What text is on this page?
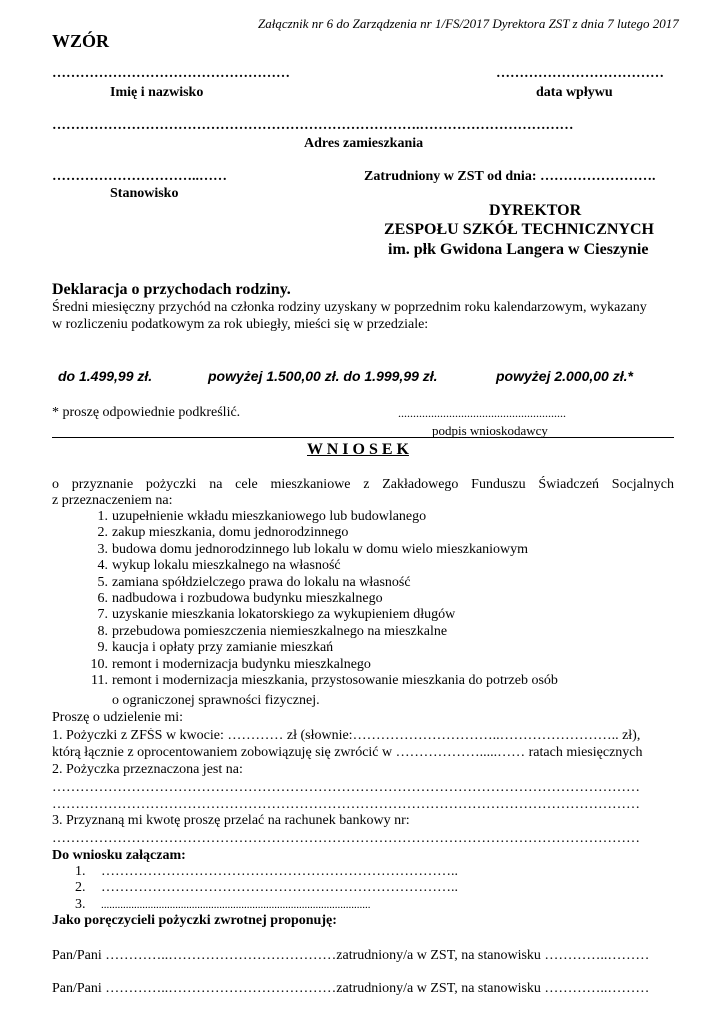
Załącznik nr 6 do Zarządzenia nr 1/FS/2017 Dyrektora ZST z dnia 7 lutego 2017
WZÓR
……………………………………………
Imię i nazwisko
………………………………
data wpływu
…………………………………………………………………….……………………………
Adres zamieszkania
…………………………..……
Stanowisko
Zatrudniony w ZST od dnia: …………………….
DYREKTOR
ZESPOŁU SZKÓŁ TECHNICZNYCH
im. płk Gwidona Langera w Cieszynie
Deklaracja o przychodach rodziny.
Średni miesięczny przychód na członka rodziny uzyskany w poprzednim roku kalendarzowym, wykazany
w rozliczeniu podatkowym za rok ubiegły, mieści się w przedziale:
do 1.499,99 zł.	powyżej 1.500,00 zł. do 1.999,99 zł.	powyżej 2.000,00 zł.*
* proszę odpowiednie podkreślić.	........................................................
podpis wnioskodawcy
W N I O S E K
o przyznanie pożyczki na cele mieszkaniowe z Zakładowego Funduszu Świadczeń Socjalnych
z przeznaczeniem na:
1. uzupełnienie wkładu mieszkaniowego lub budowlanego
2. zakup mieszkania, domu jednorodzinnego
3. budowa domu jednorodzinnego lub lokalu w domu wielo mieszkaniowym
4. wykup lokalu mieszkalnego na własność
5. zamiana spółdzielczego prawa do lokalu na własność
6. nadbudowa i rozbudowa budynku mieszkalnego
7. uzyskanie mieszkania lokatorskiego za wykupieniem długów
8. przebudowa pomieszczenia niemieszkalnego na mieszkalne
9. kaucja i opłaty przy zamianie mieszkań
10. remont i modernizacja budynku mieszkalnego
11. remont i modernizacja mieszkania, przystosowanie mieszkania do potrzeb osób
o ograniczonej sprawności fizycznej.
Proszę o udzielenie mi:
1. Pożyczki z ZFŚS w kwocie: ………… zł (słownie:…………………………..…………………….. zł),
którą łącznie z oprocentowaniem zobowiązuję się zwrócić w ……………….....…… ratach miesięcznych
2. Pożyczka przeznaczona jest na:
………………………………………………………………………………………………………………
………………………………………………………………………………………………………………
3. Przyznaną mi kwotę proszę przelać na rachunek bankowy nr:
………………………………………………………………………………………………………………
Do wniosku załączam:
1. …………………………………………………………………..
2. …………………………………………………………………..
3. ..................................................................................................
Jako poręczycieli pożyczki zwrotnej proponuję:
Pan/Pani …………..………………………………zatrudniony/a w ZST, na stanowisku …………..………
Pan/Pani …………..………………………………zatrudniony/a w ZST, na stanowisku …………..………
